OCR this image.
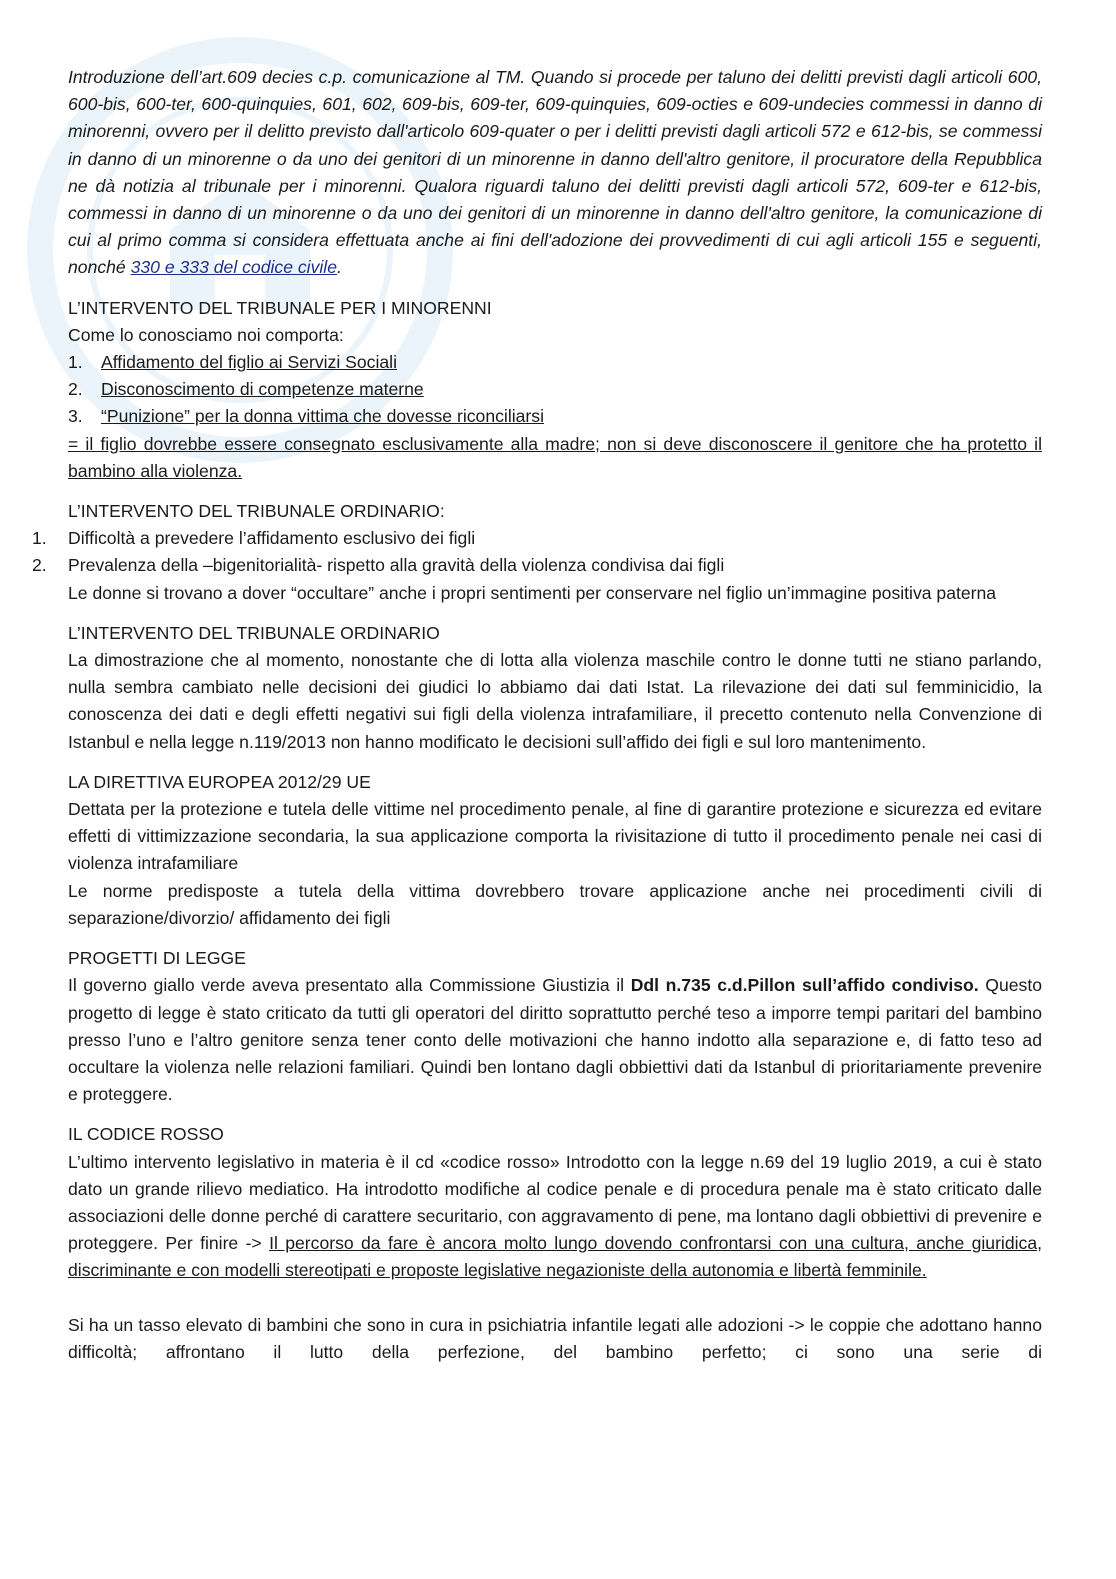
Introduzione dell’art.609 decies c.p. comunicazione al TM. Quando si procede per taluno dei delitti previsti dagli articoli 600, 600-bis, 600-ter, 600-quinquies, 601, 602, 609-bis, 609-ter, 609-quinquies, 609-octies e 609-undecies commessi in danno di minorenni, ovvero per il delitto previsto dall'articolo 609-quater o per i delitti previsti dagli articoli 572 e 612-bis, se commessi in danno di un minorenne o da uno dei genitori di un minorenne in danno dell'altro genitore, il procuratore della Repubblica ne dà notizia al tribunale per i minorenni. Qualora riguardi taluno dei delitti previsti dagli articoli 572, 609-ter e 612-bis, commessi in danno di un minorenne o da uno dei genitori di un minorenne in danno dell'altro genitore, la comunicazione di cui al primo comma si considera effettuata anche ai fini dell'adozione dei provvedimenti di cui agli articoli 155 e seguenti, nonché 330 e 333 del codice civile.

L’INTERVENTO DEL TRIBUNALE PER I MINORENNI

Come lo conosciamo noi comporta:

1. Affidamento del figlio ai Servizi Sociali
2. Disconoscimento di competenze materne
3. “Punizione” per la donna vittima che dovesse riconciliarsi

= il figlio dovrebbe essere consegnato esclusivamente alla madre; non si deve disconoscere il genitore che ha protetto il bambino alla violenza.

L’INTERVENTO DEL TRIBUNALE ORDINARIO:

1. Difficoltà a prevedere l’affidamento esclusivo dei figli
2. Prevalenza della –bigenitorialità- rispetto alla gravità della violenza condivisa dai figli

Le donne si trovano a dover “occultare” anche i propri sentimenti per conservare nel figlio un’immagine positiva paterna

L’INTERVENTO DEL TRIBUNALE ORDINARIO

La dimostrazione che al momento, nonostante che di lotta alla violenza maschile contro le donne tutti ne stiano parlando, nulla sembra cambiato nelle decisioni dei giudici lo abbiamo dai dati Istat. La rilevazione dei dati sul femminicidio, la conoscenza dei dati e degli effetti negativi sui figli della violenza intrafamiliare, il precetto contenuto nella Convenzione di Istanbul e nella legge n.119/2013 non hanno modificato le decisioni sull’affido dei figli e sul loro mantenimento.

LA DIRETTIVA EUROPEA 2012/29 UE

Dettata per la protezione e tutela delle vittime nel procedimento penale, al fine di garantire protezione e sicurezza ed evitare effetti di vittimizzazione secondaria, la sua applicazione comporta la rivisitazione di tutto il procedimento penale nei casi di violenza intrafamiliare

Le norme predisposte a tutela della vittima dovrebbero trovare applicazione anche nei procedimenti civili di separazione/divorzio/ affidamento dei figli

PROGETTI DI LEGGE

Il governo giallo verde aveva presentato alla Commissione Giustizia il Ddl n.735 c.d.Pillon sull’affido condiviso. Questo progetto di legge è stato criticato da tutti gli operatori del diritto soprattutto perché teso a imporre tempi paritari del bambino presso l’uno e l’altro genitore senza tener conto delle motivazioni che hanno indotto alla separazione e, di fatto teso ad occultare la violenza nelle relazioni familiari. Quindi ben lontano dagli obbiettivi dati da Istanbul di prioritariamente prevenire e proteggere.

IL CODICE ROSSO

L’ultimo intervento legislativo in materia è il cd «codice rosso» Introdotto con la legge n.69 del 19 luglio 2019, a cui è stato dato un grande rilievo mediatico. Ha introdotto modifiche al codice penale e di procedura penale ma è stato criticato dalle associazioni delle donne perché di carattere securitario, con aggravamento di pene, ma lontano dagli obbiettivi di prevenire e proteggere. Per finire -> Il percorso da fare è ancora molto lungo dovendo confrontarsi con una cultura, anche giuridica, discriminante e con modelli stereotipati e proposte legislative negazioniste della autonomia e libertà femminile.

Si ha un tasso elevato di bambini che sono in cura in psichiatria infantile legati alle adozioni -> le coppie che adottano hanno difficoltà; affrontano il lutto della perfezione, del bambino perfetto; ci sono una serie di
